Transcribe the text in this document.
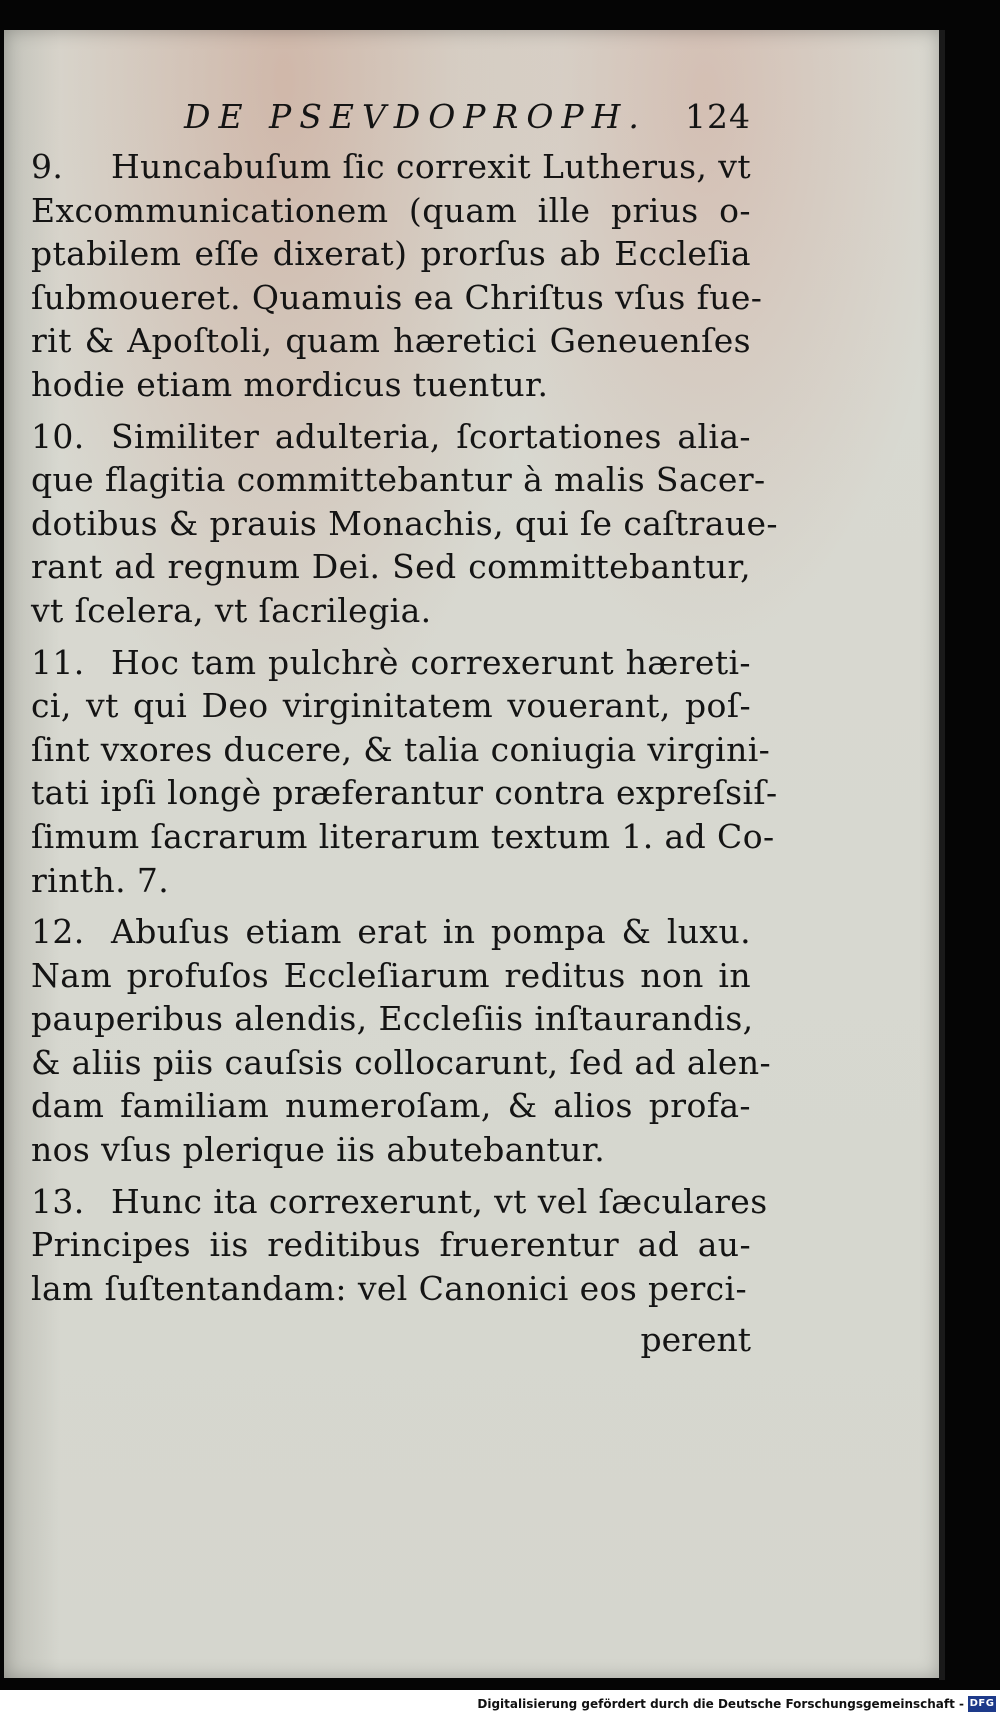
DE PSEVDOPROPH. 124
9. Huncabuſum ſic correxit Lutherus, vt
Excommunicationem (quam ille prius o-
ptabilem eſſe dixerat) prorſus ab Eccleſia
ſubmoueret. Quamuis ea Chriſtus vſus fue-
rit & Apoſtoli, quam hæretici Geneuenſes
hodie etiam mordicus tuentur.
10. Similiter adulteria, ſcortationes alia-
que flagitia committebantur à malis Sacer-
dotibus & prauis Monachis, qui ſe caſtraue-
rant ad regnum Dei. Sed committebantur,
vt ſcelera, vt ſacrilegia.
11. Hoc tam pulchrè correxerunt hæreti-
ci, vt qui Deo virginitatem vouerant, poſ-
ſint vxores ducere, & talia coniugia virgini-
tati ipſi longè præferantur contra expreſsiſ-
ſimum ſacrarum literarum textum 1. ad Co-
rinth. 7.
12. Abuſus etiam erat in pompa & luxu.
Nam profuſos Eccleſiarum reditus non in
pauperibus alendis, Eccleſiis inſtaurandis,
& aliis piis cauſsis collocarunt, ſed ad alen-
dam familiam numeroſam, & alios profa-
nos vſus plerique iis abutebantur.
13. Hunc ita correxerunt, vt vel ſæculares
Principes iis reditibus fruerentur ad au-
lam ſuſtentandam: vel Canonici eos perci-

perent

Digitalisierung gefördert durch die Deutsche Forschungsgemeinschaft - DFG
